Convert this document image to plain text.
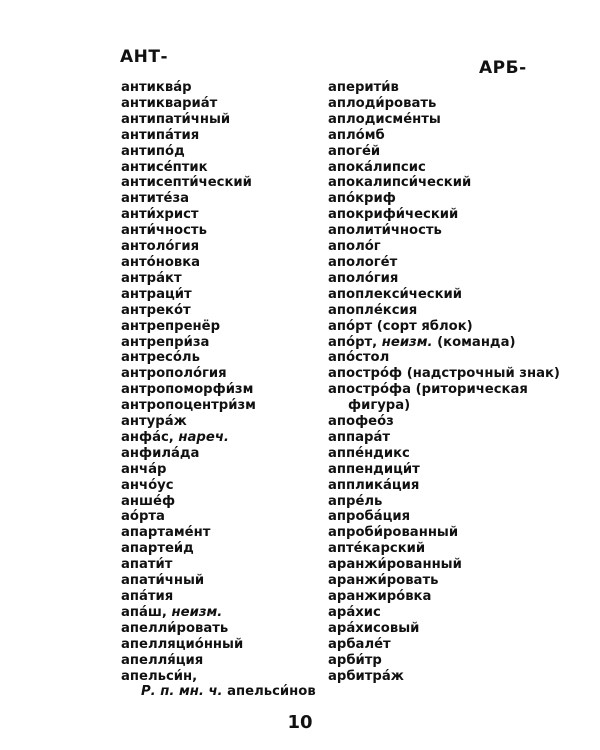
АНТ-
АРБ-
антиква́р
антиквариа́т
антипати́чный
антипа́тия
антипо́д
антисе́птик
антисепти́ческий
антите́за
анти́христ
анти́чность
антоло́гия
анто́новка
антра́кт
антраци́т
антреко́т
антрепренёр
антрепри́за
антресо́ль
антрополо́гия
антропоморфи́зм
антропоцентри́зм
антура́ж
анфа́с, нареч.
анфила́да
анча́р
анчо́ус
анше́ф
ао́рта
апартаме́нт
апартеи́д
апати́т
апати́чный
апа́тия
апа́ш, неизм.
апелли́ровать
апелляцио́нный
апелля́ция
апельси́н,
Р. п. мн. ч. апельси́нов
аперити́в
аплоди́ровать
аплодисме́нты
апло́мб
апоге́й
апока́липсис
апокалипси́ческий
апо́криф
апокрифи́ческий
аполити́чность
аполо́г
апологе́т
аполо́гия
апоплекси́ческий
апопле́ксия
апо́рт (сорт яблок)
апо́рт, неизм. (команда)
апо́стол
апостро́ф (надстрочный знак)
апостро́фа (риторическая
фигура)
апофео́з
аппара́т
аппе́ндикс
аппендици́т
апплика́ция
апре́ль
апроба́ция
апроби́рованный
апте́карский
аранжи́рованный
аранжи́ровать
аранжиро́вка
ара́хис
ара́хисовый
арбале́т
арби́тр
арбитра́ж
10
